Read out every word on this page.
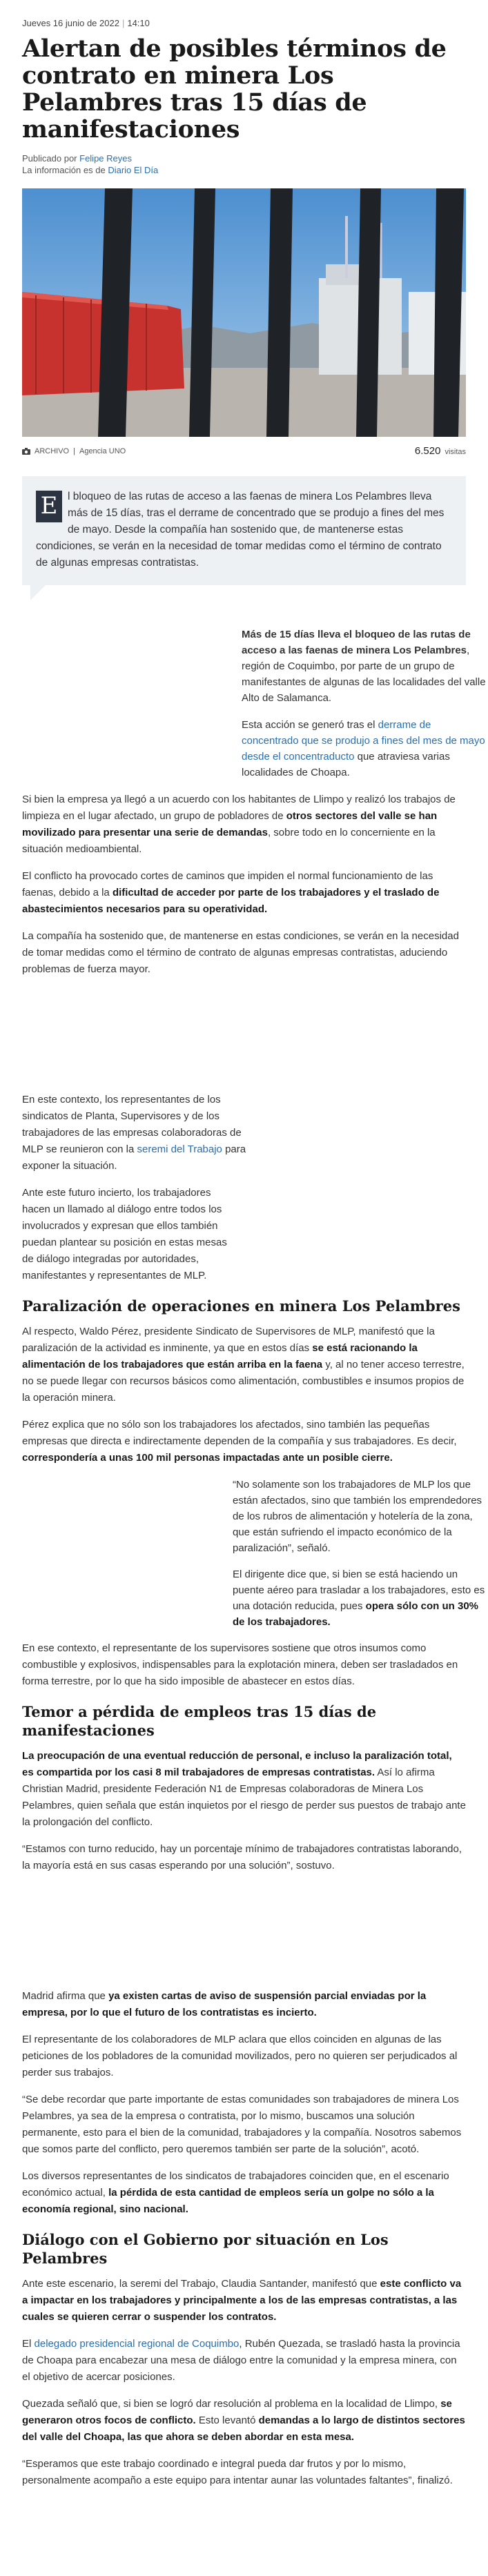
Jueves 16 junio de 2022 | 14:10
Alertan de posibles términos de contrato en minera Los Pelambres tras 15 días de manifestaciones
Publicado por Felipe Reyes
La información es de Diario El Día
ARCHIVO | Agencia UNO	6.520 visitas

E l bloqueo de las rutas de acceso a las faenas de minera Los Pelambres lleva más de 15 días, tras el derrame de concentrado que se produjo a fines del mes de mayo. Desde la compañía han sostenido que, de mantenerse estas condiciones, se verán en la necesidad de tomar medidas como el término de contrato de algunas empresas contratistas.

Más de 15 días lleva el bloqueo de las rutas de acceso a las faenas de minera Los Pelambres, región de Coquimbo, por parte de un grupo de manifestantes de algunas de las localidades del valle Alto de Salamanca.

Esta acción se generó tras el derrame de concentrado que se produjo a fines del mes de mayo desde el concentraducto que atraviesa varias localidades de Choapa.

Si bien la empresa ya llegó a un acuerdo con los habitantes de Llimpo y realizó los trabajos de limpieza en el lugar afectado, un grupo de pobladores de otros sectores del valle se han movilizado para presentar una serie de demandas, sobre todo en lo concerniente en la situación medioambiental.

El conflicto ha provocado cortes de caminos que impiden el normal funcionamiento de las faenas, debido a la dificultad de acceder por parte de los trabajadores y el traslado de abastecimientos necesarios para su operatividad.

La compañía ha sostenido que, de mantenerse en estas condiciones, se verán en la necesidad de tomar medidas como el término de contrato de algunas empresas contratistas, aduciendo problemas de fuerza mayor.

En este contexto, los representantes de los sindicatos de Planta, Supervisores y de los trabajadores de las empresas colaboradoras de MLP se reunieron con la seremi del Trabajo para exponer la situación.

Ante este futuro incierto, los trabajadores hacen un llamado al diálogo entre todos los involucrados y expresan que ellos también puedan plantear su posición en estas mesas de diálogo integradas por autoridades, manifestantes y representantes de MLP.

Paralización de operaciones en minera Los Pelambres

Al respecto, Waldo Pérez, presidente Sindicato de Supervisores de MLP, manifestó que la paralización de la actividad es inminente, ya que en estos días se está racionando la alimentación de los trabajadores que están arriba en la faena y, al no tener acceso terrestre, no se puede llegar con recursos básicos como alimentación, combustibles e insumos propios de la operación minera.

Pérez explica que no sólo son los trabajadores los afectados, sino también las pequeñas empresas que directa e indirectamente dependen de la compañía y sus trabajadores. Es decir, correspondería a unas 100 mil personas impactadas ante un posible cierre.

“No solamente son los trabajadores de MLP los que están afectados, sino que también los emprendedores de los rubros de alimentación y hotelería de la zona, que están sufriendo el impacto económico de la paralización”, señaló.

El dirigente dice que, si bien se está haciendo un puente aéreo para trasladar a los trabajadores, esto es una dotación reducida, pues opera sólo con un 30% de los trabajadores.

En ese contexto, el representante de los supervisores sostiene que otros insumos como combustible y explosivos, indispensables para la explotación minera, deben ser trasladados en forma terrestre, por lo que ha sido imposible de abastecer en estos días.

Temor a pérdida de empleos tras 15 días de manifestaciones

La preocupación de una eventual reducción de personal, e incluso la paralización total, es compartida por los casi 8 mil trabajadores de empresas contratistas. Así lo afirma Christian Madrid, presidente Federación N1 de Empresas colaboradoras de Minera Los Pelambres, quien señala que están inquietos por el riesgo de perder sus puestos de trabajo ante la prolongación del conflicto.

“Estamos con turno reducido, hay un porcentaje mínimo de trabajadores contratistas laborando, la mayoría está en sus casas esperando por una solución”, sostuvo.

Madrid afirma que ya existen cartas de aviso de suspensión parcial enviadas por la empresa, por lo que el futuro de los contratistas es incierto.

El representante de los colaboradores de MLP aclara que ellos coinciden en algunas de las peticiones de los pobladores de la comunidad movilizados, pero no quieren ser perjudicados al perder sus trabajos.

“Se debe recordar que parte importante de estas comunidades son trabajadores de minera Los Pelambres, ya sea de la empresa o contratista, por lo mismo, buscamos una solución permanente, esto para el bien de la comunidad, trabajadores y la compañía. Nosotros sabemos que somos parte del conflicto, pero queremos también ser parte de la solución”, acotó.

Los diversos representantes de los sindicatos de trabajadores coinciden que, en el escenario económico actual, la pérdida de esta cantidad de empleos sería un golpe no sólo a la economía regional, sino nacional.

Diálogo con el Gobierno por situación en Los Pelambres

Ante este escenario, la seremi del Trabajo, Claudia Santander, manifestó que este conflicto va a impactar en los trabajadores y principalmente a los de las empresas contratistas, a las cuales se quieren cerrar o suspender los contratos.

El delegado presidencial regional de Coquimbo, Rubén Quezada, se trasladó hasta la provincia de Choapa para encabezar una mesa de diálogo entre la comunidad y la empresa minera, con el objetivo de acercar posiciones.

Quezada señaló que, si bien se logró dar resolución al problema en la localidad de Llimpo, se generaron otros focos de conflicto. Esto levantó demandas a lo largo de distintos sectores del valle del Choapa, las que ahora se deben abordar en esta mesa.

“Esperamos que este trabajo coordinado e integral pueda dar frutos y por lo mismo, personalmente acompaño a este equipo para intentar aunar las voluntades faltantes”, finalizó.
